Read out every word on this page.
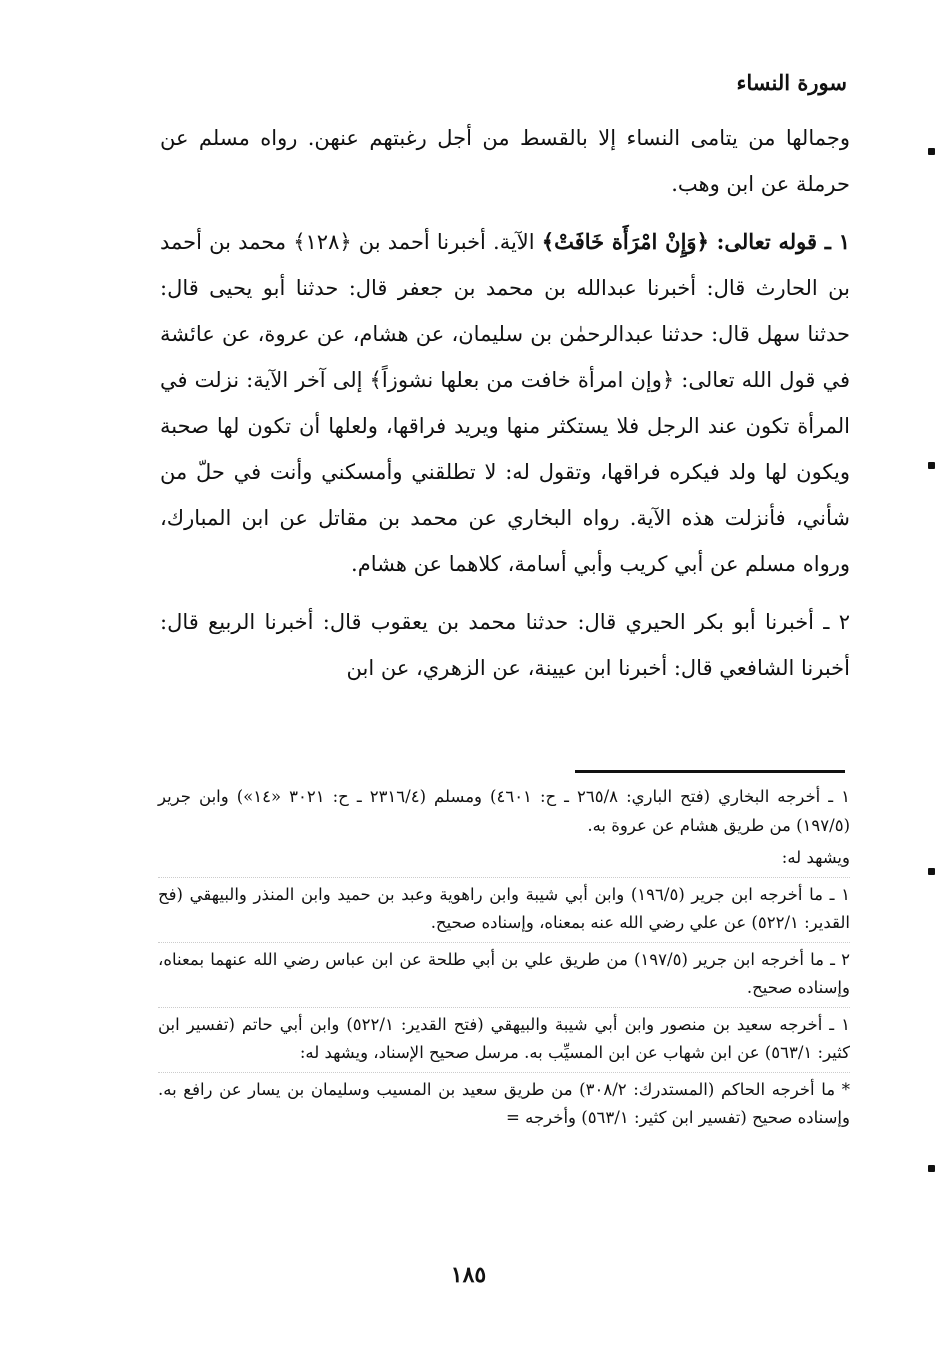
سورة النساء

وجمالها من يتامى النساء إلا بالقسط من أجل رغبتهم عنهن. رواه مسلم عن حرملة عن ابن وهب.

١ ـ قوله تعالى: ﴿وَإِنْ امْرَأَة خَافَتْ﴾ الآية. أخبرنا أحمد بن ﴿١٢٨﴾ محمد بن أحمد بن الحارث قال: أخبرنا عبدالله بن محمد بن جعفر قال: حدثنا أبو يحيى قال: حدثنا سهل قال: حدثنا عبدالرحمٰن بن سليمان، عن هشام، عن عروة، عن عائشة في قول الله تعالى: ﴿وإن امرأة خافت من بعلها نشوزاً﴾ إلى آخر الآية: نزلت في المرأة تكون عند الرجل فلا يستكثر منها ويريد فراقها، ولعلها أن تكون لها صحبة ويكون لها ولد فيكره فراقها، وتقول له: لا تطلقني وأمسكني وأنت في حلّ من شأني، فأنزلت هذه الآية. رواه البخاري عن محمد بن مقاتل عن ابن المبارك، ورواه مسلم عن أبي كريب وأبي أسامة، كلاهما عن هشام.

٢ ـ أخبرنا أبو بكر الحيري قال: حدثنا محمد بن يعقوب قال: أخبرنا الربيع قال: أخبرنا الشافعي قال: أخبرنا ابن عيينة، عن الزهري، عن ابن

١ ـ أخرجه البخاري (فتح الباري: ٢٦٥/٨ ـ ح: ٤٦٠١) ومسلم (٢٣١٦/٤ ـ ح: ٣٠٢١ «١٤») وابن جرير (١٩٧/٥) من طريق هشام عن عروة به.

ويشهد له:

١ ـ ما أخرجه ابن جرير (١٩٦/٥) وابن أبي شيبة وابن راهوية وعبد بن حميد وابن المنذر والبيهقي (فح القدير: ٥٢٢/١) عن علي رضي الله عنه بمعناه، وإسناده صحيح.

٢ ـ ما أخرجه ابن جرير (١٩٧/٥) من طريق علي بن أبي طلحة عن ابن عباس رضي الله عنهما بمعناه، وإسناده صحيح.

١ ـ أخرجه سعيد بن منصور وابن أبي شيبة والبيهقي (فتح القدير: ٥٢٢/١) وابن أبي حاتم (تفسير ابن كثير: ٥٦٣/١) عن ابن شهاب عن ابن المسيِّب به. مرسل صحيح الإسناد، ويشهد له:

* ما أخرجه الحاكم (المستدرك: ٣٠٨/٢) من طريق سعيد بن المسيب وسليمان بن يسار عن رافع به. وإسناده صحيح (تفسير ابن كثير: ٥٦٣/١) وأخرجه =

١٨٥
